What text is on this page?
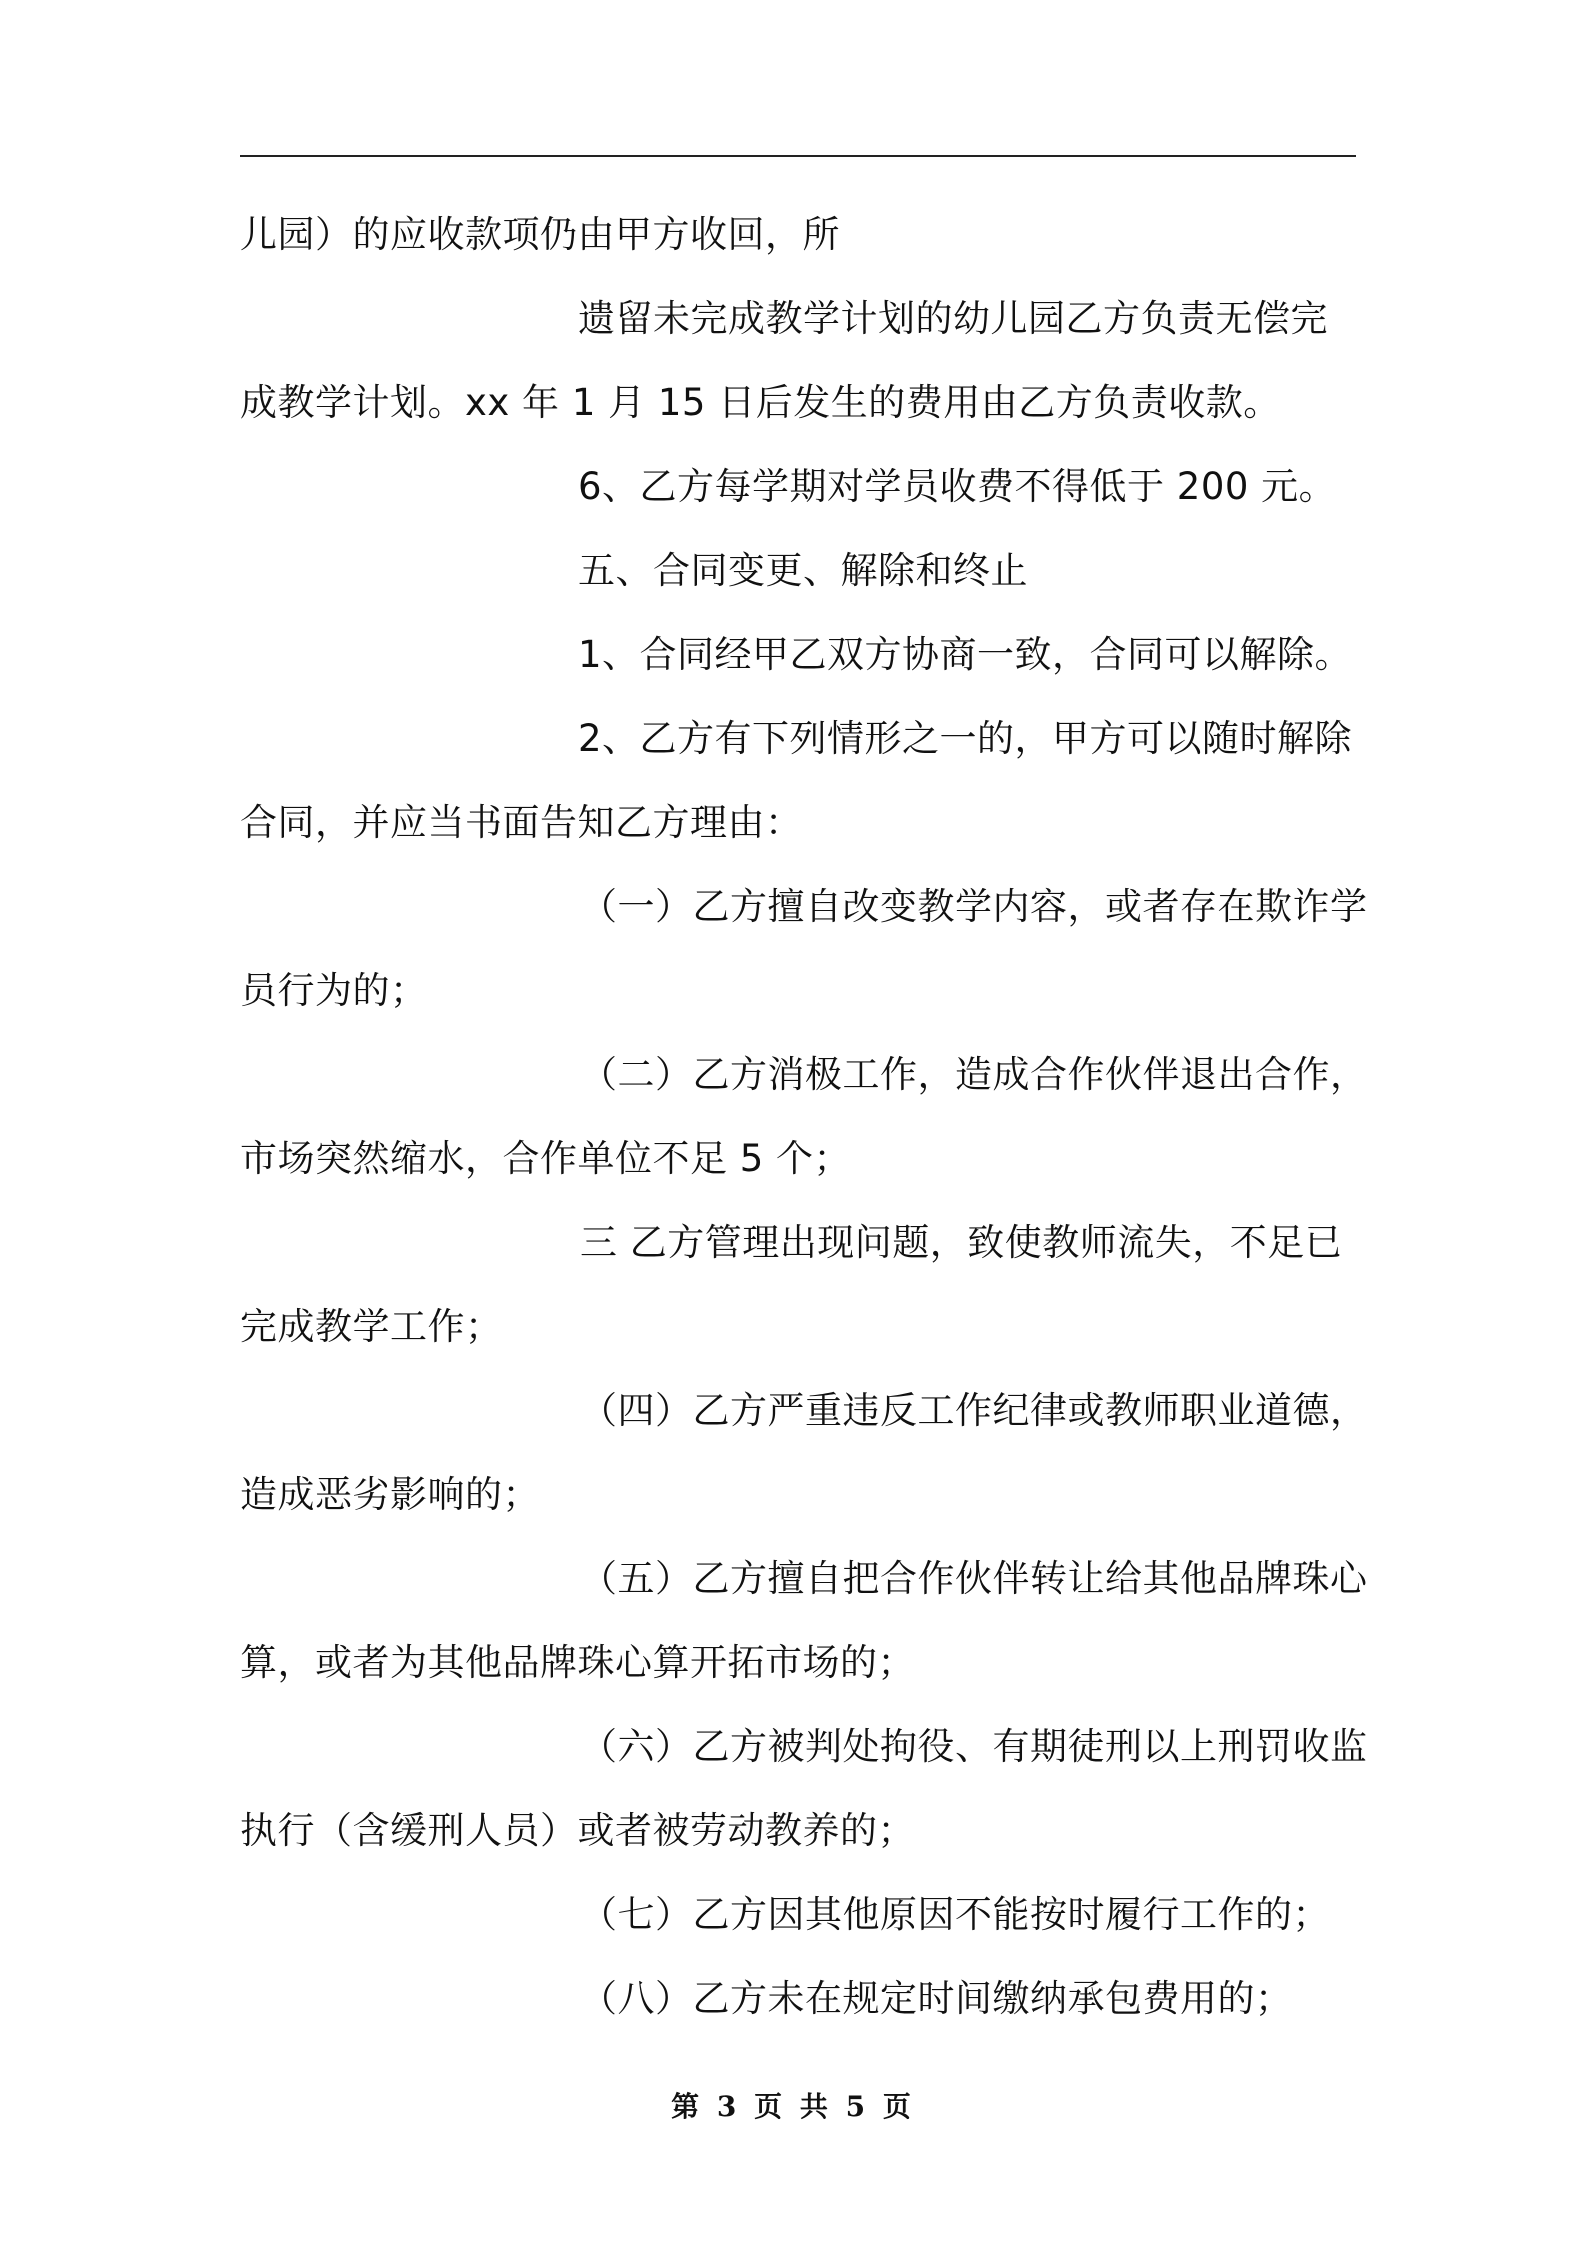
儿园）的应收款项仍由甲方收回，所
遗留未完成教学计划的幼儿园乙方负责无偿完
成教学计划。xx 年 1 月 15 日后发生的费用由乙方负责收款。
6、乙方每学期对学员收费不得低于 200 元。
五、合同变更、解除和终止
1、合同经甲乙双方协商一致，合同可以解除。
2、乙方有下列情形之一的，甲方可以随时解除
合同，并应当书面告知乙方理由：
（一）乙方擅自改变教学内容，或者存在欺诈学
员行为的；
（二）乙方消极工作，造成合作伙伴退出合作，
市场突然缩水，合作单位不足 5 个；
三 乙方管理出现问题，致使教师流失，不足已
完成教学工作；
（四）乙方严重违反工作纪律或教师职业道德，
造成恶劣影响的；
（五）乙方擅自把合作伙伴转让给其他品牌珠心
算，或者为其他品牌珠心算开拓市场的；
（六）乙方被判处拘役、有期徒刑以上刑罚收监
执行（含缓刑人员）或者被劳动教养的；
（七）乙方因其他原因不能按时履行工作的；
（八）乙方未在规定时间缴纳承包费用的；
第 3 页 共 5 页
